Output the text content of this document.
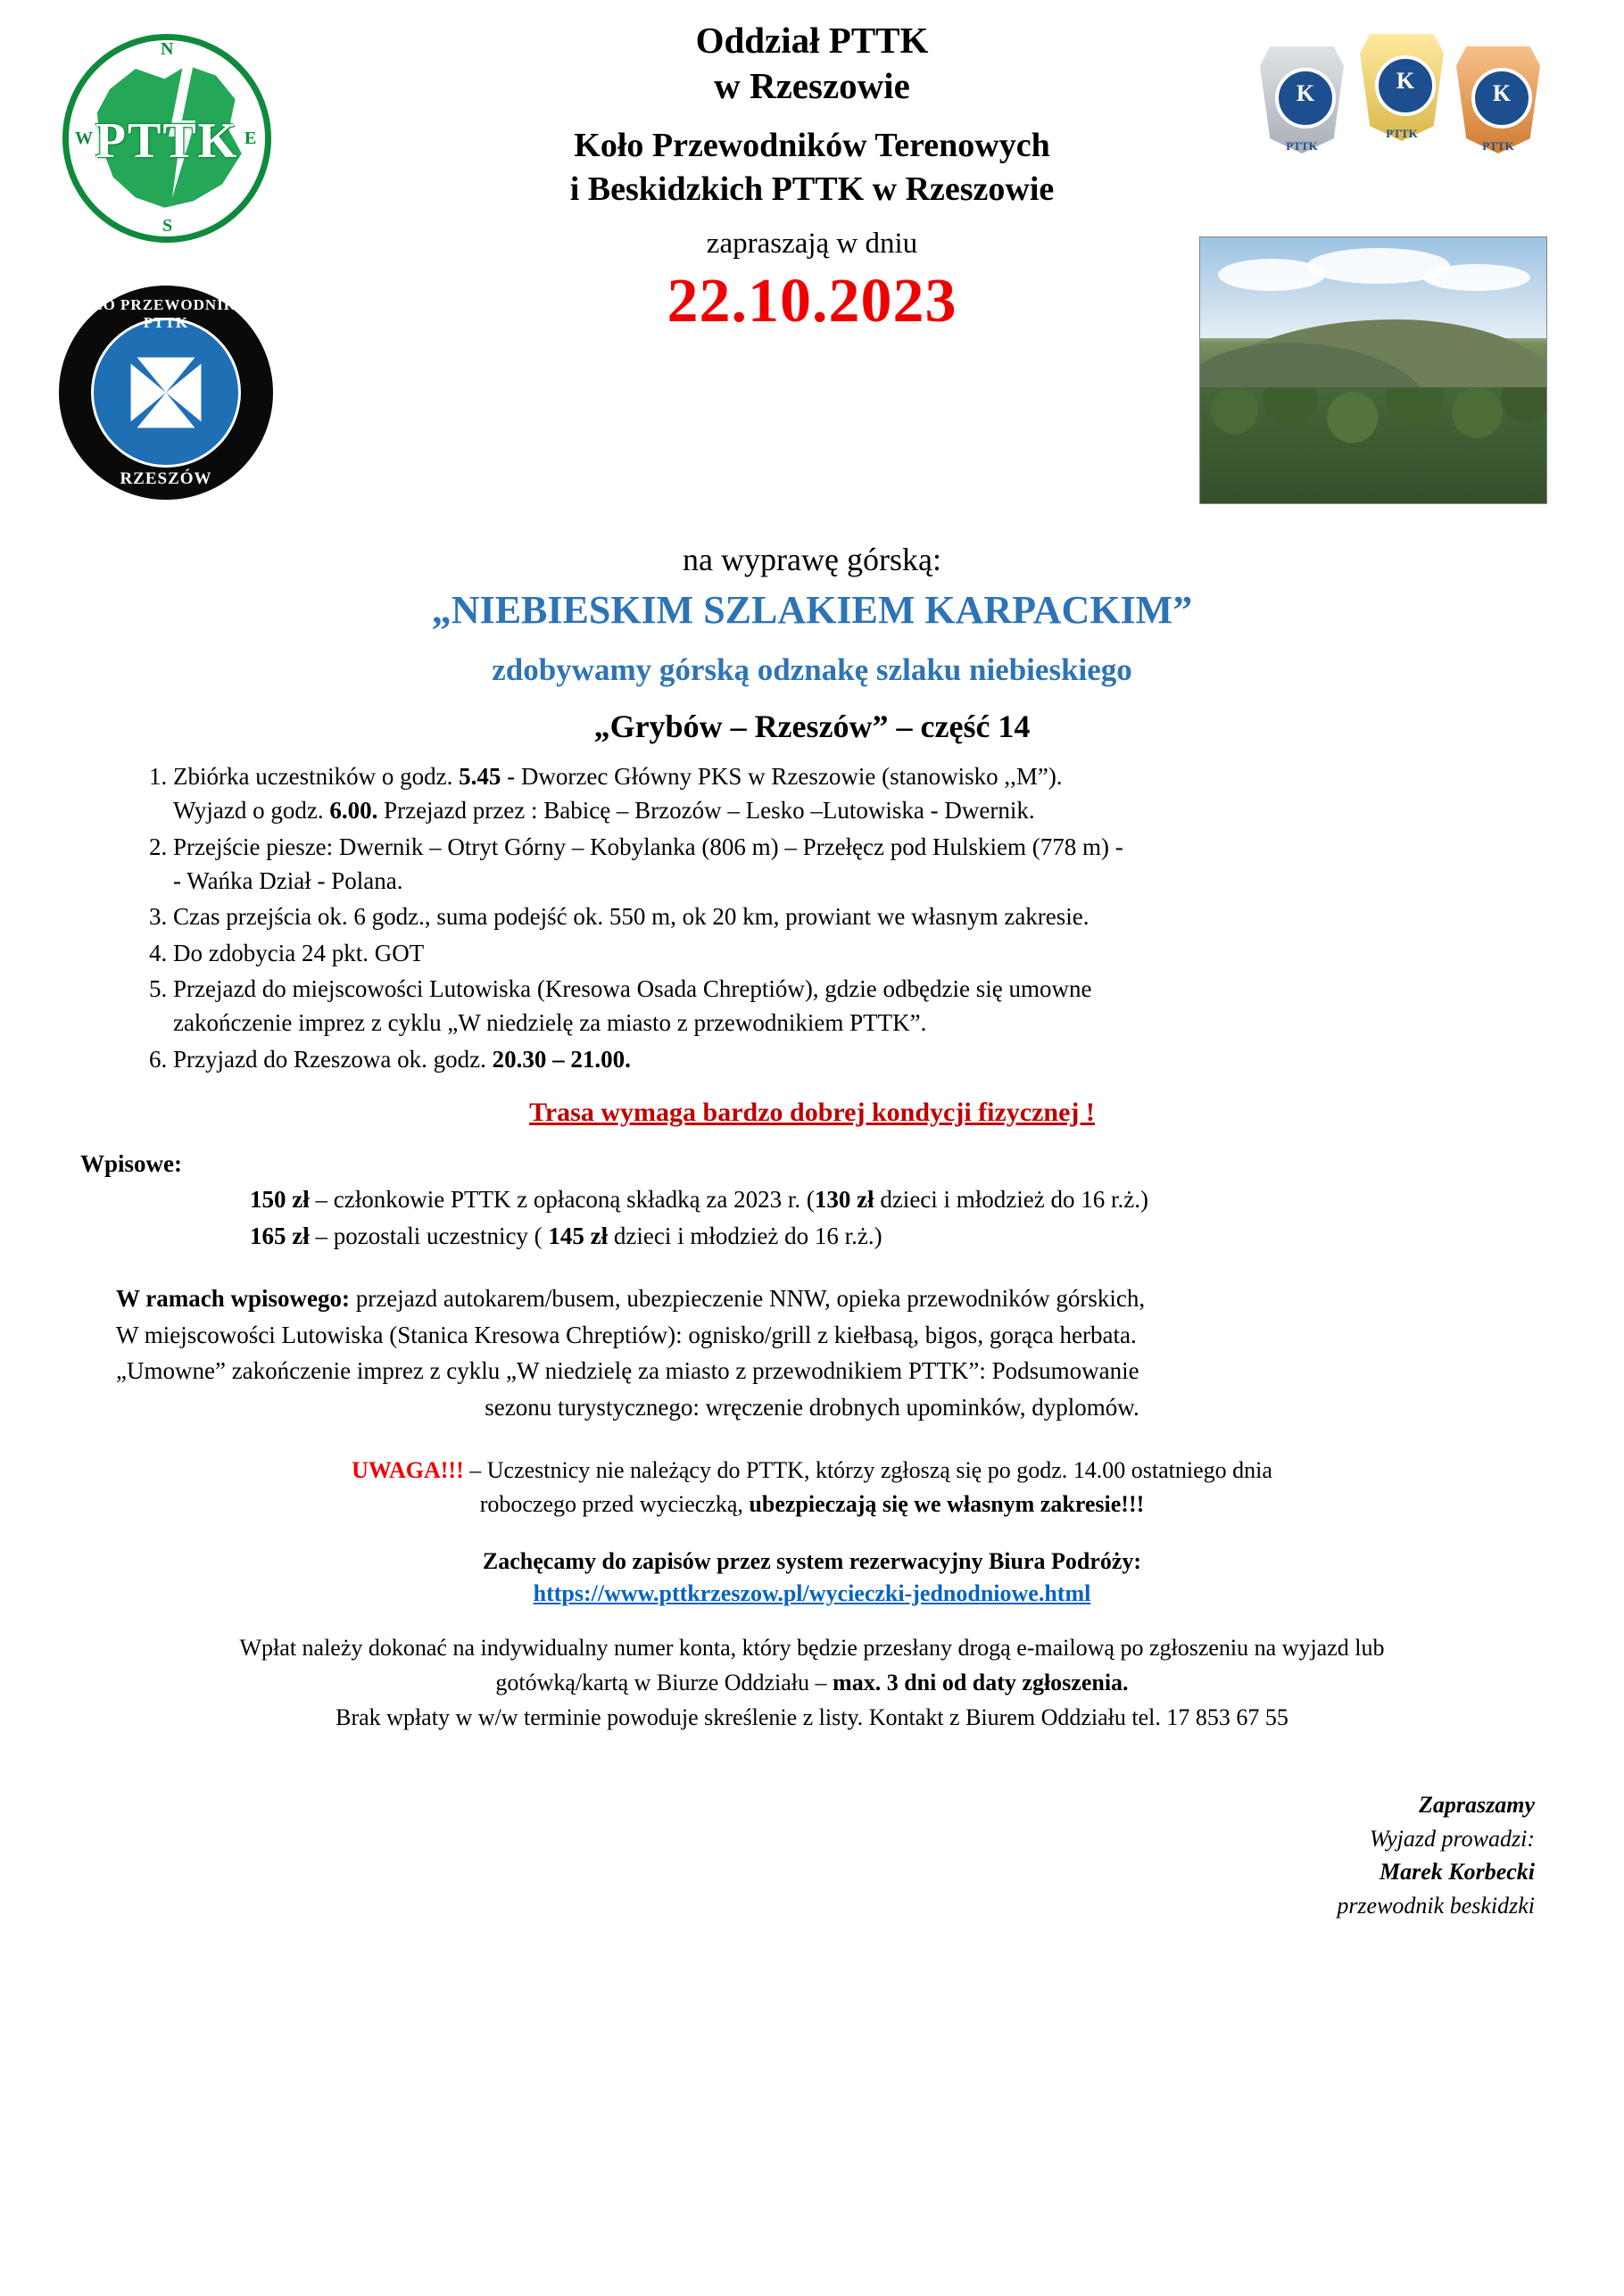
PTTK
N
S
W	E
KOŁO PRZEWODNIKÓW PTTK
RZESZÓW
K
PTTK
K
PTTK
K
PTTK
Oddział PTTK
w Rzeszowie
Koło Przewodników Terenowych
i Beskidzkich PTTK w Rzeszowie
zapraszają w dniu
22.10.2023
na wyprawę górską:
„NIEBIESKIM SZLAKIEM KARPACKIM”
zdobywamy górską odznakę szlaku niebieskiego
„Grybów – Rzeszów” – część 14
1. Zbiórka uczestników o godz. 5.45 - Dworzec Główny PKS w Rzeszowie (stanowisko ,,M”).
Wyjazd o godz. 6.00. Przejazd przez : Babicę – Brzozów – Lesko –Lutowiska - Dwernik.
2. Przejście piesze: Dwernik – Otryt Górny – Kobylanka (806 m) – Przełęcz pod Hulskiem (778 m) -
- Wańka Dział - Polana.
3. Czas przejścia ok. 6 godz., suma podejść ok. 550 m, ok 20 km, prowiant we własnym zakresie.
4. Do zdobycia 24 pkt. GOT
5. Przejazd do miejscowości Lutowiska (Kresowa Osada Chreptiów), gdzie odbędzie się umowne
zakończenie imprez z cyklu „W niedzielę za miasto z przewodnikiem PTTK”.
6. Przyjazd do Rzeszowa ok. godz. 20.30 – 21.00.
Trasa wymaga bardzo dobrej kondycji fizycznej !
Wpisowe:
150 zł – członkowie PTTK z opłaconą składką za 2023 r. (130 zł dzieci i młodzież do 16 r.ż.)
165 zł – pozostali uczestnicy ( 145 zł dzieci i młodzież do 16 r.ż.)
W ramach wpisowego: przejazd autokarem/busem, ubezpieczenie NNW, opieka przewodników górskich,
W miejscowości Lutowiska (Stanica Kresowa Chreptiów): ognisko/grill z kiełbasą, bigos, gorąca herbata.
„Umowne” zakończenie imprez z cyklu „W niedzielę za miasto z przewodnikiem PTTK”: Podsumowanie
sezonu turystycznego: wręczenie drobnych upominków, dyplomów.
UWAGA!!! – Uczestnicy nie należący do PTTK, którzy zgłoszą się po godz. 14.00 ostatniego dnia
roboczego przed wycieczką, ubezpieczają się we własnym zakresie!!!
Zachęcamy do zapisów przez system rezerwacyjny Biura Podróży:
https://www.pttkrzeszow.pl/wycieczki-jednodniowe.html
Wpłat należy dokonać na indywidualny numer konta, który będzie przesłany drogą e-mailową po zgłoszeniu na wyjazd lub
gotówką/kartą w Biurze Oddziału – max. 3 dni od daty zgłoszenia.
Brak wpłaty w w/w terminie powoduje skreślenie z listy. Kontakt z Biurem Oddziału tel. 17 853 67 55
Zapraszamy
Wyjazd prowadzi:
Marek Korbecki
przewodnik beskidzki
